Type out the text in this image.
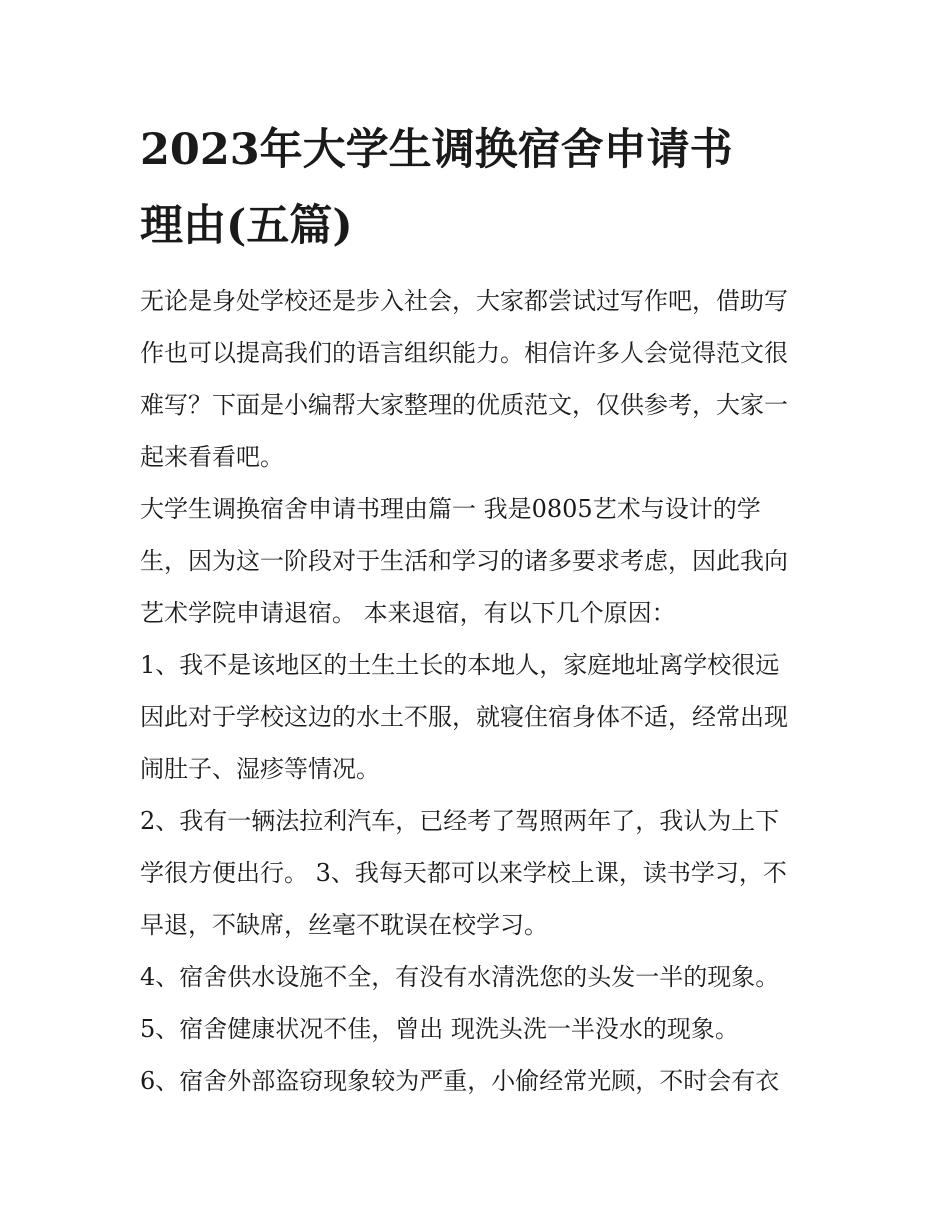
2023年大学生调换宿舍申请书
理由(五篇)

无论是身处学校还是步入社会，大家都尝试过写作吧，借助写
作也可以提高我们的语言组织能力。相信许多人会觉得范文很
难写？下面是小编帮大家整理的优质范文，仅供参考，大家一
起来看看吧。

大学生调换宿舍申请书理由篇一 我是0805艺术与设计的学
生，因为这一阶段对于生活和学习的诸多要求考虑，因此我向
艺术学院申请退宿。 本来退宿，有以下几个原因：

1、我不是该地区的土生土长的本地人，家庭地址离学校很远
因此对于学校这边的水土不服，就寝住宿身体不适，经常出现
闹肚子、湿疹等情况。

2、我有一辆法拉利汽车，已经考了驾照两年了，我认为上下
学很方便出行。 3、我每天都可以来学校上课，读书学习，不
早退，不缺席，丝毫不耽误在校学习。

4、宿舍供水设施不全，有没有水清洗您的头发一半的现象。

5、宿舍健康状况不佳，曾出 现洗头洗一半没水的现象。

6、宿舍外部盗窃现象较为严重，小偷经常光顾，不时会有衣
